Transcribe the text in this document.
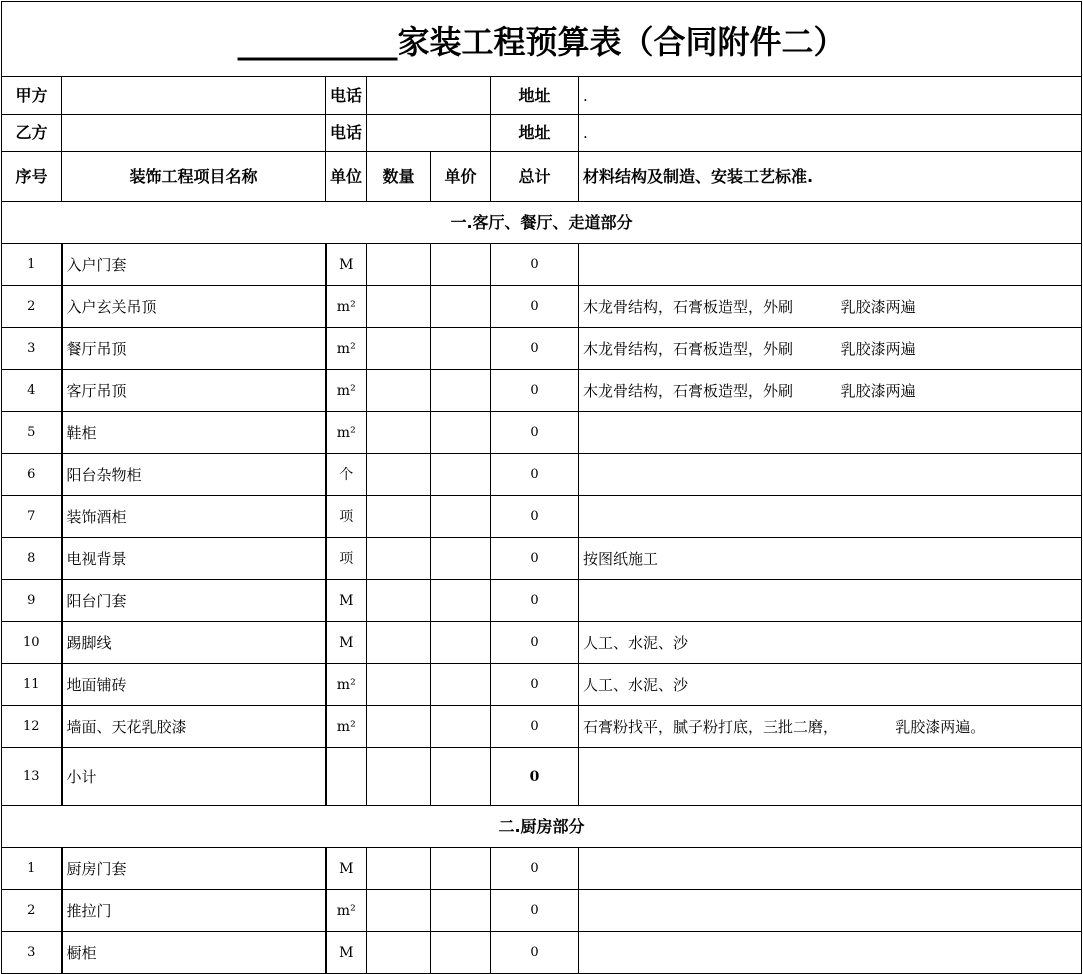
__________家装工程预算表（合同附件二）						
甲方		电话			地址	.
乙方		电话			地址	.
序号	装饰工程项目名称	单位	数量	单价	总计	材料结构及制造、安装工艺标准.
一.客厅、餐厅、走道部分						
1	入户门套	M			0	
2	入户玄关吊顶	m²			0	木龙骨结构，石膏板造型，外刷          乳胶漆两遍
3	餐厅吊顶	m²			0	木龙骨结构，石膏板造型，外刷          乳胶漆两遍
4	客厅吊顶	m²			0	木龙骨结构，石膏板造型，外刷          乳胶漆两遍
5	鞋柜	m²			0	
6	阳台杂物柜	个			0	
7	装饰酒柜	项			0	
8	电视背景	项			0	按图纸施工
9	阳台门套	M			0	
10	踢脚线	M			0	人工、水泥、沙
11	地面铺砖	m²			0	人工、水泥、沙
12	墙面、天花乳胶漆	m²			0	石膏粉找平，腻子粉打底，三批二磨，            乳胶漆两遍。
13	小计				0	
二.厨房部分						
1	厨房门套	M			0	
2	推拉门	m²			0	
3	橱柜	M			0	
